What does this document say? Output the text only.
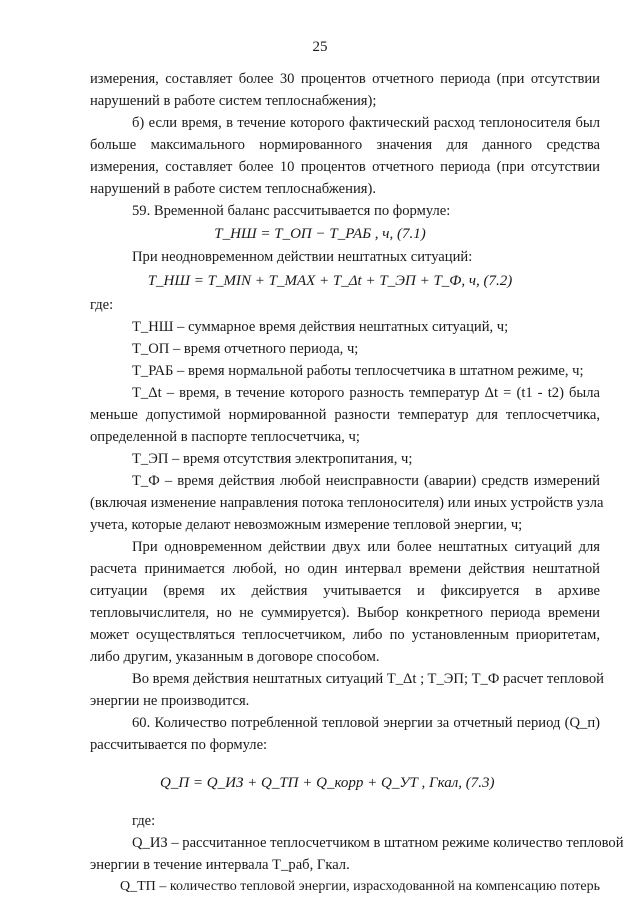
25
измерения, составляет более 30 процентов отчетного периода (при отсутствии
нарушений в работе систем теплоснабжения);
б) если время, в течение которого фактический расход теплоносителя был
больше максимального нормированного значения для данного средства
измерения, составляет более 10 процентов отчетного периода (при отсутствии
нарушений в работе систем теплоснабжения).
59. Временной баланс рассчитывается по формуле:
T_НШ = T_ОП − T_РАБ , ч, (7.1)
При неодновременном действии нештатных ситуаций:
T_НШ = T_MIN + T_MAX + T_Δt + T_ЭП + T_Ф, ч, (7.2)
где:
T_НШ – суммарное время действия нештатных ситуаций, ч;
T_ОП – время отчетного периода, ч;
T_РАБ – время нормальной работы теплосчетчика в штатном режиме, ч;
T_Δt – время, в течение которого разность температур Δt = (t1 - t2) была
меньше допустимой нормированной разности температур для теплосчетчика,
определенной в паспорте теплосчетчика, ч;
T_ЭП – время отсутствия электропитания, ч;
T_Ф – время действия любой неисправности (аварии) средств измерений
(включая изменение направления потока теплоносителя) или иных устройств узла
учета, которые делают невозможным измерение тепловой энергии, ч;
При одновременном действии двух или более нештатных ситуаций для
расчета принимается любой, но один интервал времени действия нештатной
ситуации (время их действия учитывается и фиксируется в архиве
тепловычислителя, но не суммируется). Выбор конкретного периода времени
может осуществляться теплосчетчиком, либо по установленным приоритетам,
либо другим, указанным в договоре способом.
Во время действия нештатных ситуаций T_Δt ; T_ЭП; T_Ф расчет тепловой
энергии не производится.
60. Количество потребленной тепловой энергии за отчетный период (Q_п)
рассчитывается по формуле:
Q_П = Q_ИЗ + Q_ТП + Q_корр + Q_УТ , Гкал, (7.3)
где:
Q_ИЗ – рассчитанное теплосчетчиком в штатном режиме количество тепловой
энергии в течение интервала T_раб, Гкал.
Q_ТП – количество тепловой энергии, израсходованной на компенсацию потерь
